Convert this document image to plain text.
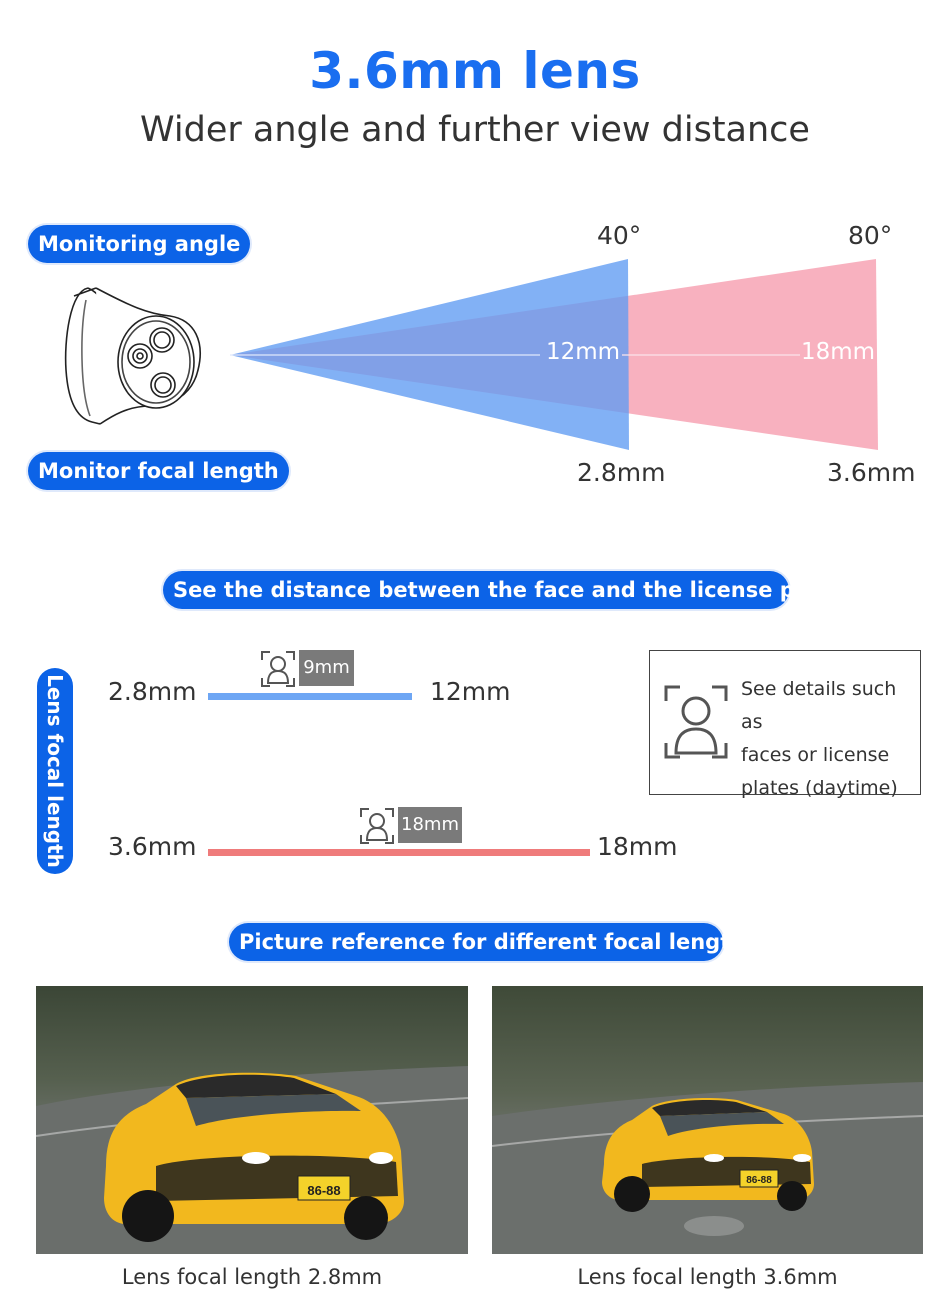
3.6mm lens
Wider angle and further view distance
Monitoring angle
Monitor focal length
40°	80°
12mm	18mm
2.8mm	3.6mm
See the distance between the face and the license plate
Lens focal length 2.8mm
9mm
12mm
3.6mm
18mm
18mm
See details such as
faces or license
plates (daytime)
Picture reference for different focal lengths
86-88
Lens focal length 2.8mm
86-88
Lens focal length 3.6mm
